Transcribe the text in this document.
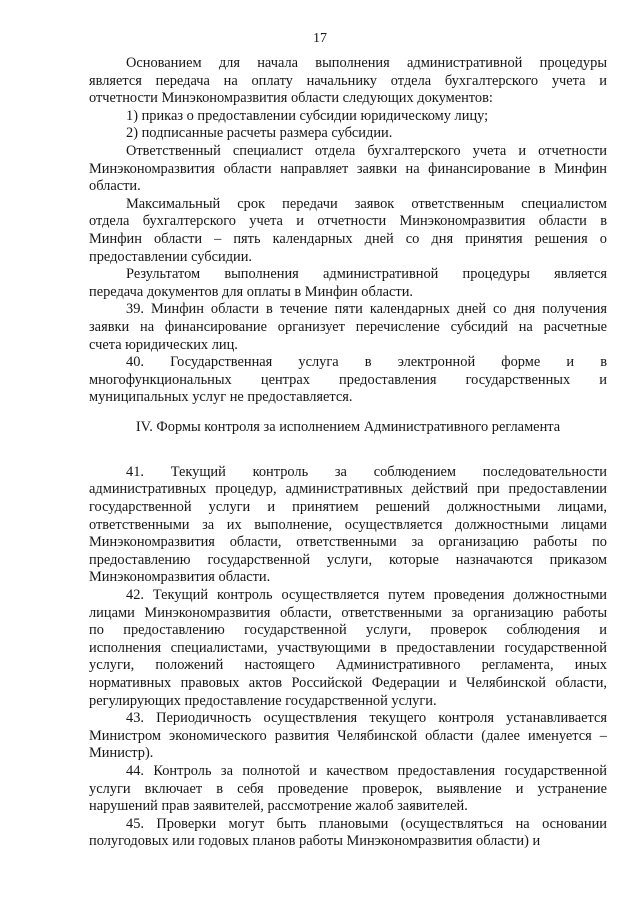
17
Основанием для начала выполнения административной процедуры
является передача на оплату начальнику отдела бухгалтерского учета и
отчетности Минэкономразвития области следующих документов:
1) приказ о предоставлении субсидии юридическому лицу;
2) подписанные расчеты размера субсидии.
Ответственный специалист отдела бухгалтерского учета и отчетности
Минэкономразвития области направляет заявки на финансирование в Минфин
области.
Максимальный срок передачи заявок ответственным специалистом
отдела бухгалтерского учета и отчетности Минэкономразвития области в
Минфин области – пять календарных дней со дня принятия решения о
предоставлении субсидии.
Результатом выполнения административной процедуры является
передача документов для оплаты в Минфин области.
39. Минфин области в течение пяти календарных дней со дня получения
заявки на финансирование организует перечисление субсидий на расчетные
счета юридических лиц.
40. Государственная услуга в электронной форме и в
многофункциональных центрах предоставления государственных и
муниципальных услуг не предоставляется.
IV. Формы контроля за исполнением Административного регламента
41. Текущий контроль за соблюдением последовательности
административных процедур, административных действий при предоставлении
государственной услуги и принятием решений должностными лицами,
ответственными за их выполнение, осуществляется должностными лицами
Минэкономразвития области, ответственными за организацию работы по
предоставлению государственной услуги, которые назначаются приказом
Минэкономразвития области.
42. Текущий контроль осуществляется путем проведения должностными
лицами Минэкономразвития области, ответственными за организацию работы
по предоставлению государственной услуги, проверок соблюдения и
исполнения специалистами, участвующими в предоставлении государственной
услуги, положений настоящего Административного регламента, иных
нормативных правовых актов Российской Федерации и Челябинской области,
регулирующих предоставление государственной услуги.
43. Периодичность осуществления текущего контроля устанавливается
Министром экономического развития Челябинской области (далее именуется –
Министр).
44. Контроль за полнотой и качеством предоставления государственной
услуги включает в себя проведение проверок, выявление и устранение
нарушений прав заявителей, рассмотрение жалоб заявителей.
45. Проверки могут быть плановыми (осуществляться на основании
полугодовых или годовых планов работы Минэкономразвития области) и
